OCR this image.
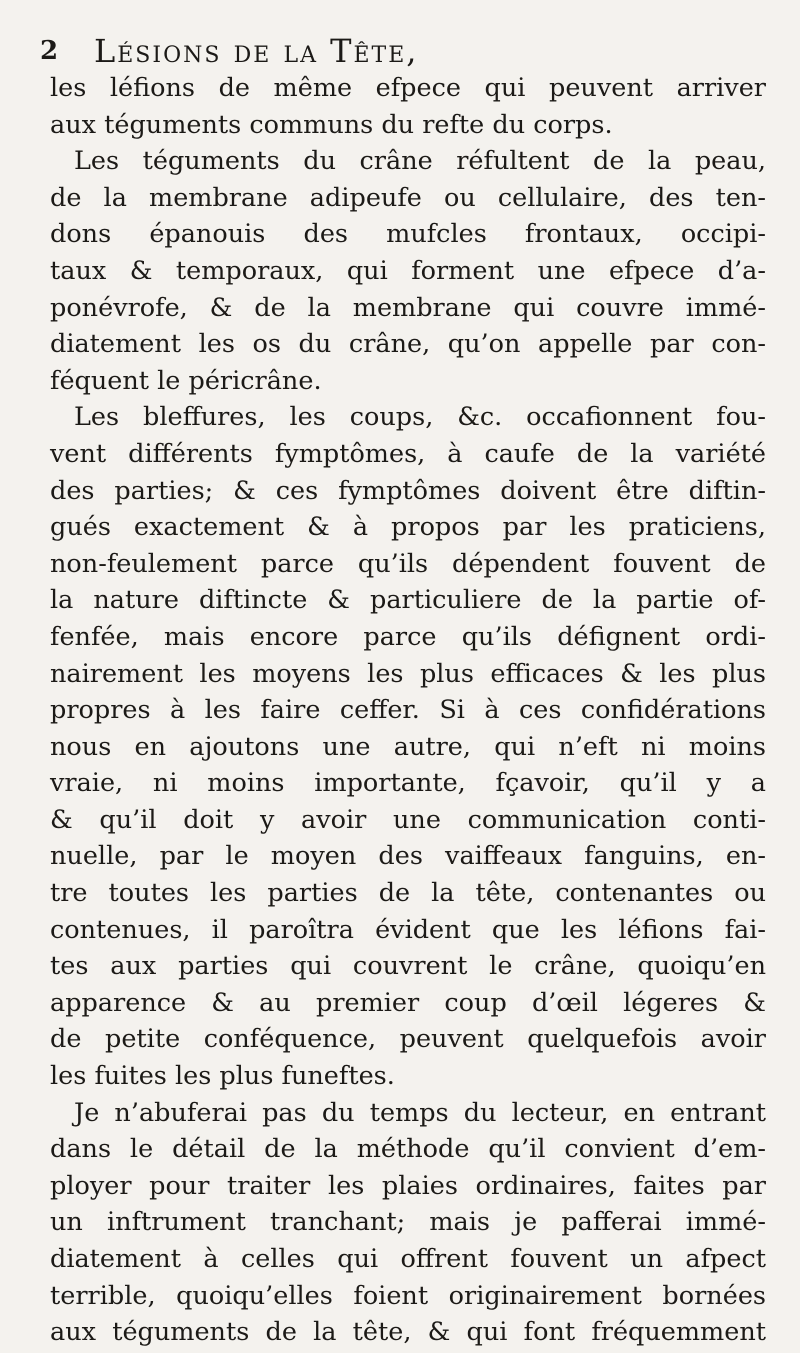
2 Lésions de la Tête,
les léfions de même efpece qui peuvent arriver
aux téguments communs du refte du corps.
Les téguments du crâne réfultent de la peau,
de la membrane adipeufe ou cellulaire, des ten-
dons épanouis des mufcles frontaux, occipi-
taux & temporaux, qui forment une efpece d’a-
ponévrofe, & de la membrane qui couvre immé-
diatement les os du crâne, qu’on appelle par con-
féquent le péricrâne.
Les bleffures, les coups, &c. occafionnent fou-
vent différents fymptômes, à caufe de la variété
des parties; & ces fymptômes doivent être diftin-
gués exactement & à propos par les praticiens,
non-feulement parce qu’ils dépendent fouvent de
la nature diftincte & particuliere de la partie of-
fenfée, mais encore parce qu’ils défignent ordi-
nairement les moyens les plus efficaces & les plus
propres à les faire ceffer. Si à ces confidérations
nous en ajoutons une autre, qui n’eft ni moins
vraie, ni moins importante, fçavoir, qu’il y a
& qu’il doit y avoir une communication conti-
nuelle, par le moyen des vaiffeaux fanguins, en-
tre toutes les parties de la tête, contenantes ou
contenues, il paroîtra évident que les léfions fai-
tes aux parties qui couvrent le crâne, quoiqu’en
apparence & au premier coup d’œil légeres &
de petite conféquence, peuvent quelquefois avoir
les fuites les plus funeftes.
Je n’abuferai pas du temps du lecteur, en entrant
dans le détail de la méthode qu’il convient d’em-
ployer pour traiter les plaies ordinaires, faites par
un inftrument tranchant; mais je pafferai immé-
diatement à celles qui offrent fouvent un afpect
terrible, quoiqu’elles foient originairement bornées
aux téguments de la tête, & qui font fréquemment
